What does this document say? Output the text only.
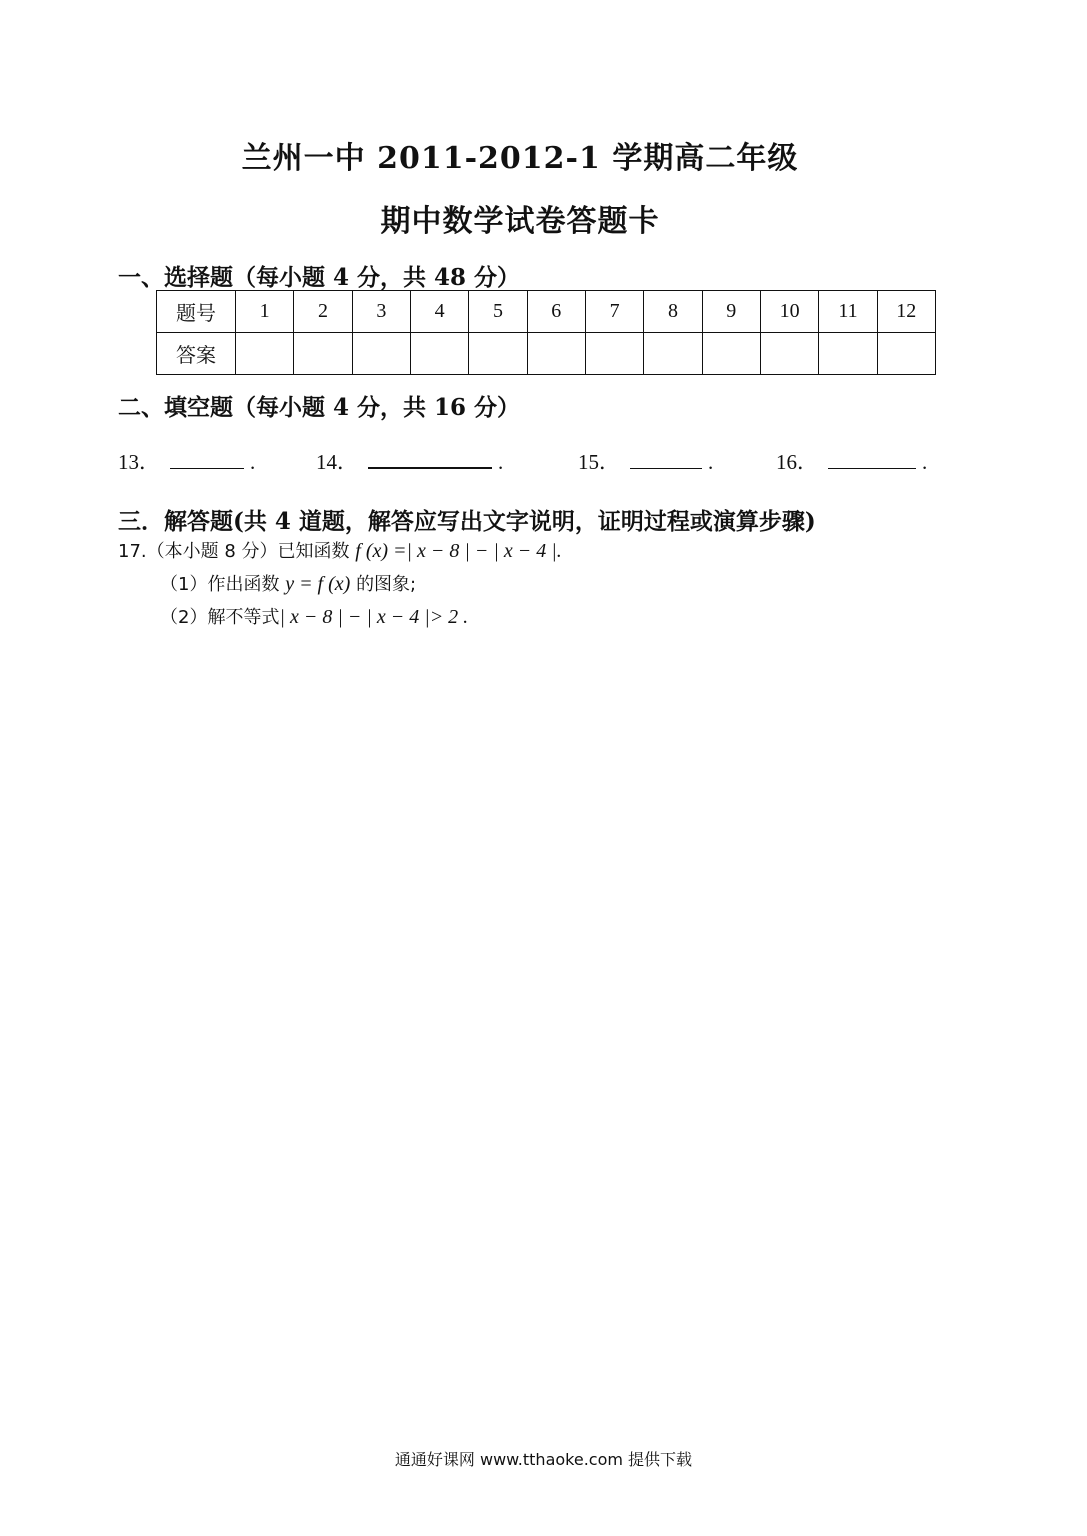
兰州一中 2011-2012-1 学期高二年级
期中数学试卷答题卡
一、选择题（每小题 4 分，共 48 分）
题号	1	2	3	4	5	6	7	8	9	10	11	12
答案												
二、填空题（每小题 4 分，共 16 分）
13．	.	14．	.	15．	.	16．	.
三．解答题(共 4 道题，解答应写出文字说明，证明过程或演算步骤)
17.（本小题 8 分）已知函数 f (x) =| x − 8 | − | x − 4 |.
（1）作出函数 y = f (x) 的图象;
（2）解不等式| x − 8 | − | x − 4 |> 2 .
通通好课网 www.tthaoke.com 提供下载
